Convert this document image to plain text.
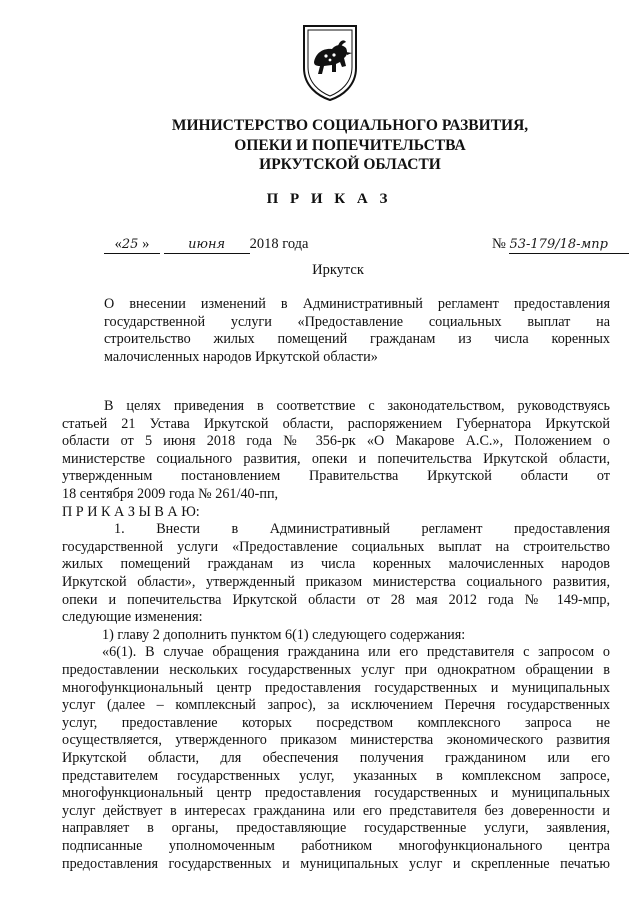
МИНИСТЕРСТВО СОЦИАЛЬНОГО РАЗВИТИЯ,
ОПЕКИ И ПОПЕЧИТЕЛЬСТВА
ИРКУТСКОЙ ОБЛАСТИ
П Р И К А З
«25 »	июня 2018 года	№ 53-179/18-мпр
Иркутск
О внесении изменений в Административный регламент предоставления
государственной услуги «Предоставление социальных выплат на
строительство жилых помещений гражданам из числа коренных
малочисленных народов Иркутской области»
В целях приведения в соответствие с законодательством, руководствуясь
статьей 21 Устава Иркутской области, распоряжением Губернатора Иркутской
области от 5 июня 2018 года № 356-рк «О Макарове А.С.», Положением о
министерстве социального развития, опеки и попечительства Иркутской области,
утвержденным постановлением Правительства Иркутской области от
18 сентября 2009 года № 261/40-пп,
П Р И К А З Ы В А Ю:
1. Внести в Административный регламент предоставления
государственной услуги «Предоставление социальных выплат на строительство
жилых помещений гражданам из числа коренных малочисленных народов
Иркутской области», утвержденный приказом министерства социального развития,
опеки и попечительства Иркутской области от 28 мая 2012 года № 149-мпр,
следующие изменения:
1) главу 2 дополнить пунктом 6(1) следующего содержания:
«6(1). В случае обращения гражданина или его представителя с запросом о
предоставлении нескольких государственных услуг при однократном обращении в
многофункциональный центр предоставления государственных и муниципальных
услуг (далее – комплексный запрос), за исключением Перечня государственных
услуг, предоставление которых посредством комплексного запроса не
осуществляется, утвержденного приказом министерства экономического развития
Иркутской области, для обеспечения получения гражданином или его
представителем государственных услуг, указанных в комплексном запросе,
многофункциональный центр предоставления государственных и муниципальных
услуг действует в интересах гражданина или его представителя без доверенности и
направляет в органы, предоставляющие государственные услуги, заявления,
подписанные уполномоченным работником многофункционального центра
предоставления государственных и муниципальных услуг и скрепленные печатью
